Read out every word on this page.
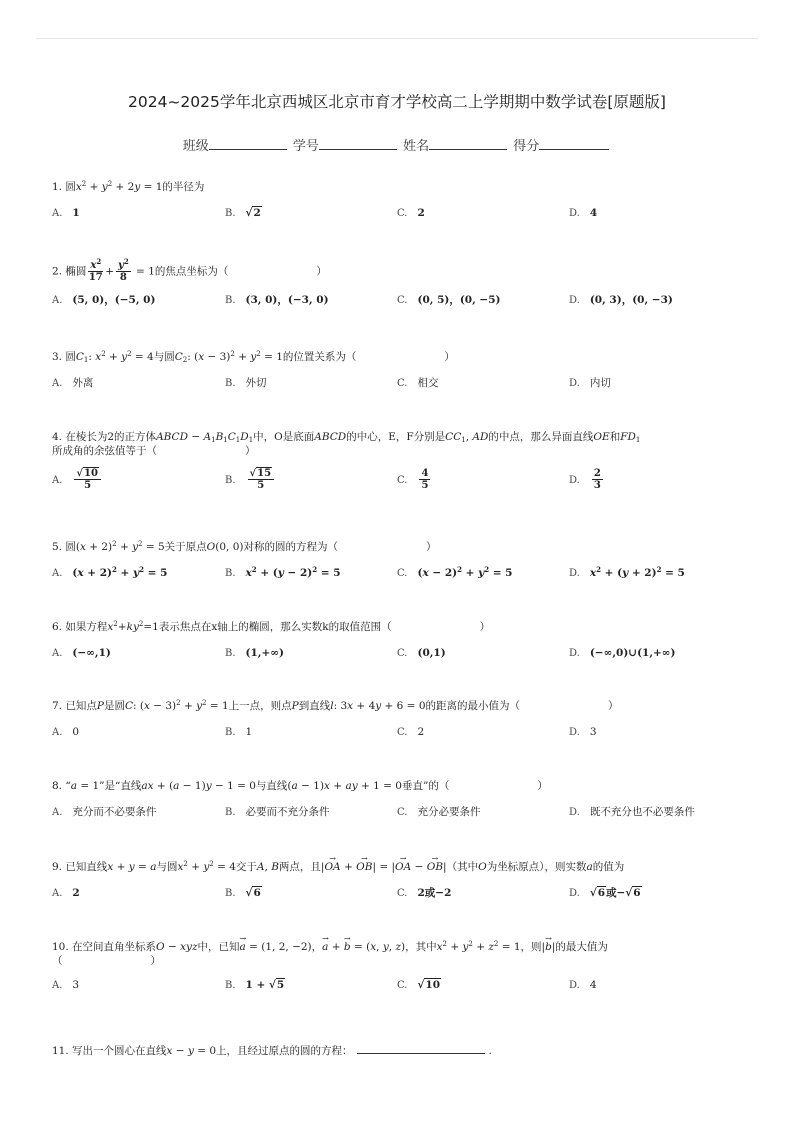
2024~2025学年北京西城区北京市育才学校高二上学期期中数学试卷[原题版]
班级	学号	姓名	得分
1. 圆$x^2 + y^2 + 2y = 1$的半径为
A. 1	B. √2	C. 2	D. 4
2. 椭圆 $\frac{x^2}{17} + \frac{y^2}{8} = 1$的焦点坐标为（	）
A. (5, 0)，(−5, 0)	B. (3, 0)，(−3, 0)	C. (0, 5)，(0, −5)	D. (0, 3)，(0, −3)
3. 圆$C_1$: $x^2 + y^2 = 4$与圆$C_2$: $(x - 3)^2 + y^2 = 1$的位置关系为（	）
A. 外离	B. 外切	C. 相交	D. 内切
4. 在棱长为2的正方体ABCD − $A_1B_1C_1D_1$中，O是底面ABCD的中心，E，F分别是$CC_1$, AD的中点，那么异面直线OE和$FD_1$
所成角的余弦值等于（	）
A. $\frac{√10}{5}$	B. $\frac{√15}{5}$	C. $\frac{4}{5}$	D. $\frac{2}{3}$
5. 圆$(x + 2)^2 + y^2 = 5$关于原点O(0, 0)对称的圆的方程为（	）
A. $(x + 2)^2 + y^2 = 5$	B. $x^2 + (y - 2)^2 = 5$	C. $(x - 2)^2 + y^2 = 5$	D. $x^2 + (y + 2)^2 = 5$
6. 如果方程$x^2+ky^2=1$表示焦点在x轴上的椭圆，那么实数k的取值范围（	）
A. (−∞,1)	B. (1,+∞)	C. (0,1)	D. (−∞,0)∪(1,+∞)
7. 已知点P是圆C: $(x - 3)^2 + y^2 = 1$上一点，则点P到直线l: 3x + 4y + 6 = 0的距离的最小值为（	）
A. 0	B. 1	C. 2	D. 3
8. “a = 1”是“直线ax + (a − 1)y − 1 = 0与直线(a − 1)x + ay + 1 = 0垂直”的（	）
A. 充分而不必要条件	B. 必要而不充分条件	C. 充分必要条件	D. 既不充分也不必要条件
9. 已知直线x + y = a与圆$x^2 + y^2 = 4$交于A, B两点，且|→ OA + → OB| = |→ OA − → OB|（其中O为坐标原点），则实数a的值为
A. 2	B. √6	C. 2或−2	D. √6或−√6
10. 在空间直角坐标系O − xyz中，已知→ a = (1, 2, −2)，→ a + → b = (x, y, z)，其中$x^2 + y^2 + z^2 = 1$，则|→ b|的最大值为
（	）
A. 3	B. 1 + √5	C. √10	D. 4
11. 写出一个圆心在直线x − y = 0上，且经过原点的圆的方程：	.
